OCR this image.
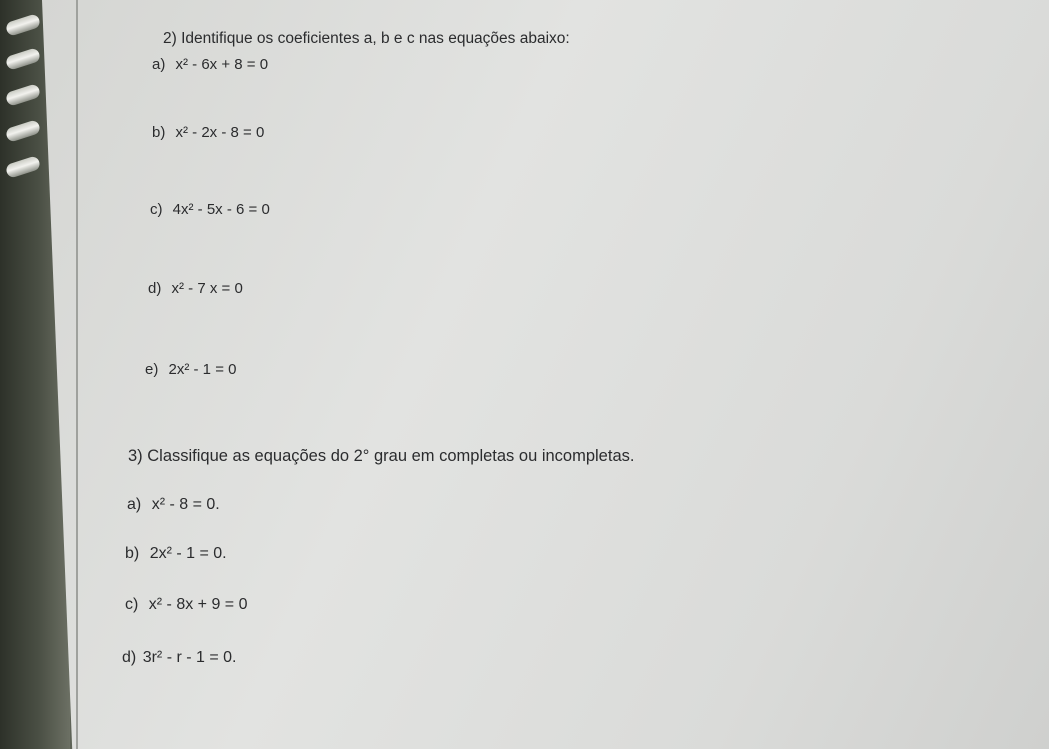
2) Identifique os coeficientes a, b e c nas equações abaixo:
a) x² - 6x + 8 = 0
b) x² - 2x - 8 = 0
c) 4x² - 5x - 6 = 0
d) x² - 7 x = 0
e) 2x² - 1 = 0
3) Classifique as equações do 2° grau em completas ou incompletas.
a) x² - 8 = 0.
b) 2x² - 1 = 0.
c) x² - 8x + 9 = 0
d) 3r² - r - 1 = 0.
